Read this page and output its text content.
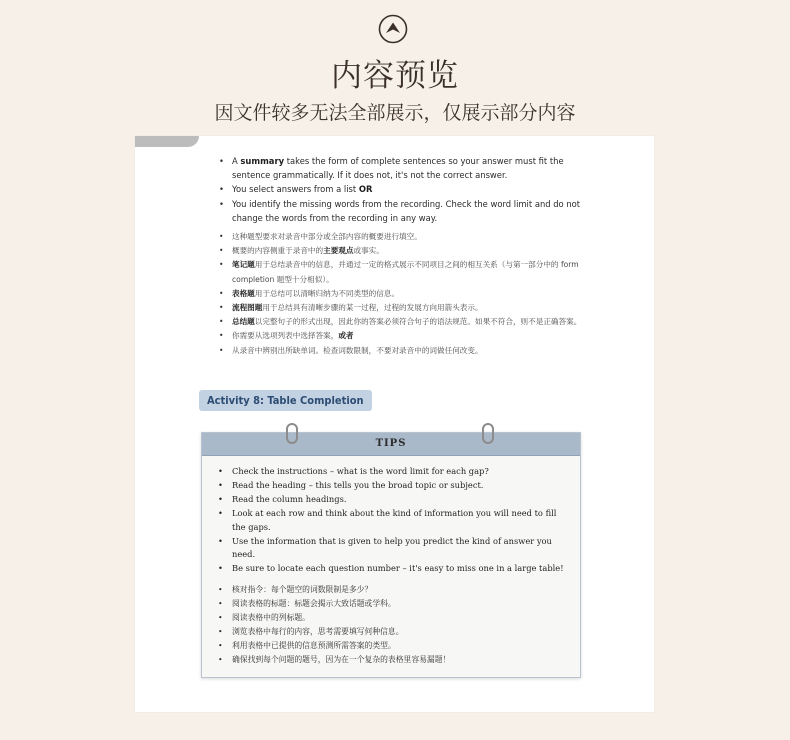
内容预览
因文件较多无法全部展示，仅展示部分内容
• A summary takes the form of complete sentences so your answer must fit the sentence grammatically. If it does not, it's not the correct answer.
• You select answers from a list OR
• You identify the missing words from the recording. Check the word limit and do not change the words from the recording in any way.
• 这种题型要求对录音中部分或全部内容的概要进行填空。
• 概要的内容侧重于录音中的主要观点或事实。
• 笔记题用于总结录音中的信息，并通过一定的格式展示不同项目之间的相互关系（与第一部分中的 form completion 题型十分相似）。
• 表格题用于总结可以清晰归纳为不同类型的信息。
• 流程图题用于总结具有清晰步骤的某一过程，过程的发展方向用箭头表示。
• 总结题以完整句子的形式出现，因此你的答案必须符合句子的语法规范。如果不符合，则不是正确答案。
• 你需要从选项列表中选择答案，或者
• 从录音中辨别出所缺单词。检查词数限制，不要对录音中的词做任何改变。
Activity 8: Table Completion
TIPS
• Check the instructions – what is the word limit for each gap?
• Read the heading – this tells you the broad topic or subject.
• Read the column headings.
• Look at each row and think about the kind of information you will need to fill the gaps.
• Use the information that is given to help you predict the kind of answer you need.
• Be sure to locate each question number – it's easy to miss one in a large table!
• 核对指令：每个题空的词数限制是多少？
• 阅读表格的标题：标题会揭示大致话题或学科。
• 阅读表格中的列标题。
• 浏览表格中每行的内容，思考需要填写何种信息。
• 利用表格中已提供的信息预测所需答案的类型。
• 确保找到每个问题的题号，因为在一个复杂的表格里容易漏题！
